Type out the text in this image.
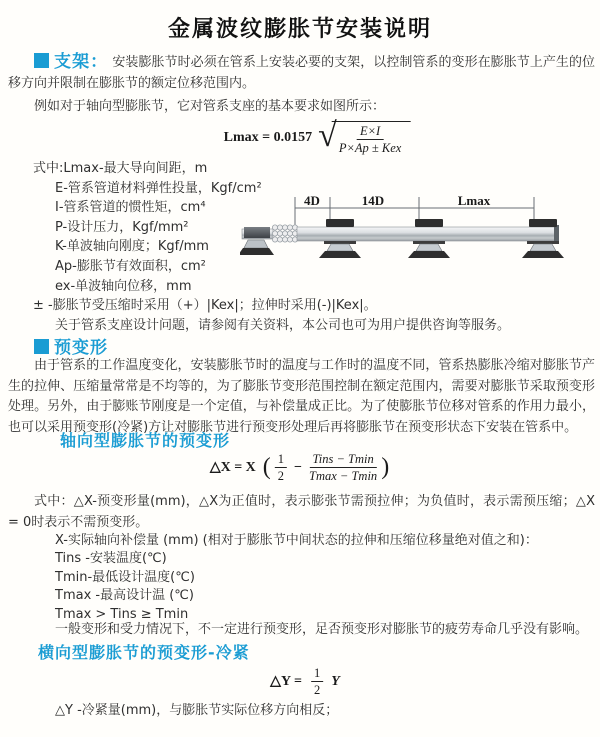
金属波纹膨胀节安装说明

支架： 安装膨胀节时必须在管系上安装必要的支架，以控制管系的变形在膨胀节上产生的位移方向并限制在膨胀节的额定位移范围内。

例如对于轴向型膨胀节，它对管系支座的基本要求如图所示：

Lmax = 0.0157 √ $\frac{E\times I}{\text{P×Ap ± Kex}}$
式中:Lmax-最大导向间距，m
E-管系管道材料弹性投量，Kgf/cm²
I-管系管道的惯性矩，cm⁴
P-设计压力，Kgf/mm²
K-单波轴向刚度；Kgf/mm
Ap-膨胀节有效面积，cm²
ex-单波轴向位移，mm
± -膨胀节受压缩时采用（+）|Kex|；拉伸时采用(-)|Kex|。
关于管系支座设计问题，请参阅有关资料，本公司也可为用户提供咨询等服务。
4D	14D	Lmax
预变形

由于管系的工作温度变化，安装膨胀节时的温度与工作时的温度不同，管系热膨胀冷缩对膨胀节产生的拉伸、压缩量常常是不均等的，为了膨胀节变形范围控制在额定范围内，需要对膨胀节采取预变形处理。另外，由于膨账节刚度是一个定值，与补偿量成正比。为了使膨胀节位移对管系的作用力最小，也可以采用预变形(冷紧)方让对膨胀节进行预变形处理后再将膨胀节在预变形状态下安装在管系中。

轴向型膨胀节的预变形
△X = X ( $\frac{1}{2} - \frac{\text{Tins − Tmin}}{Tmax - Tmin}$ )

式中：△X-预变形量(mm)，△X为正值时，表示膨张节需预拉伸；为负值时，表示需预压缩；△X = 0时表示不需预变形。

X-实际轴向补偿量 (mm) (相对于膨胀节中间状态的拉伸和压缩位移量绝对值之和)：
Tins -安装温度(℃)
Tmin-最低设计温度(℃)
Tmax -最高设计温 (℃)
Tmax > Tins ≥ Tmin

一般变形和受力情况下，不一定进行预变形，足否预变形对膨胀节的疲劳寿命几乎没有影响。

横向型膨胀节的预变形-冷紧
△Y = $\frac{1}{2}$ Y

△Y -冷紧量(mm)，与膨胀节实际位移方向相反；
